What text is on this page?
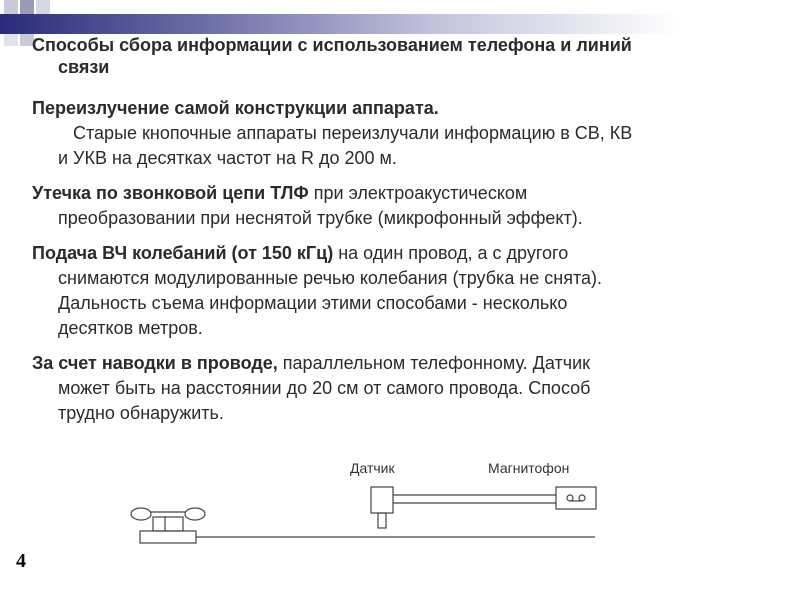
Способы сбора информации с использованием телефона и линий
связи

Переизлучение самой конструкции аппарата.
Старые кнопочные аппараты переизлучали информацию в СВ, КВ
и УКВ на десятках частот на R до 200 м.

Утечка по звонковой цепи ТЛФ при электроакустическом
преобразовании при неснятой трубке (микрофонный эффект).

Подача ВЧ колебаний (от 150 кГц) на один провод, а с другого
снимаются модулированные речью колебания (трубка не снята).
Дальность съема информации этими способами - несколько
десятков метров.

За счет наводки в проводе, параллельном телефонному. Датчик
может быть на расстоянии до 20 см от самого провода. Способ
трудно обнаружить.

Датчик	Магнитофон
4
